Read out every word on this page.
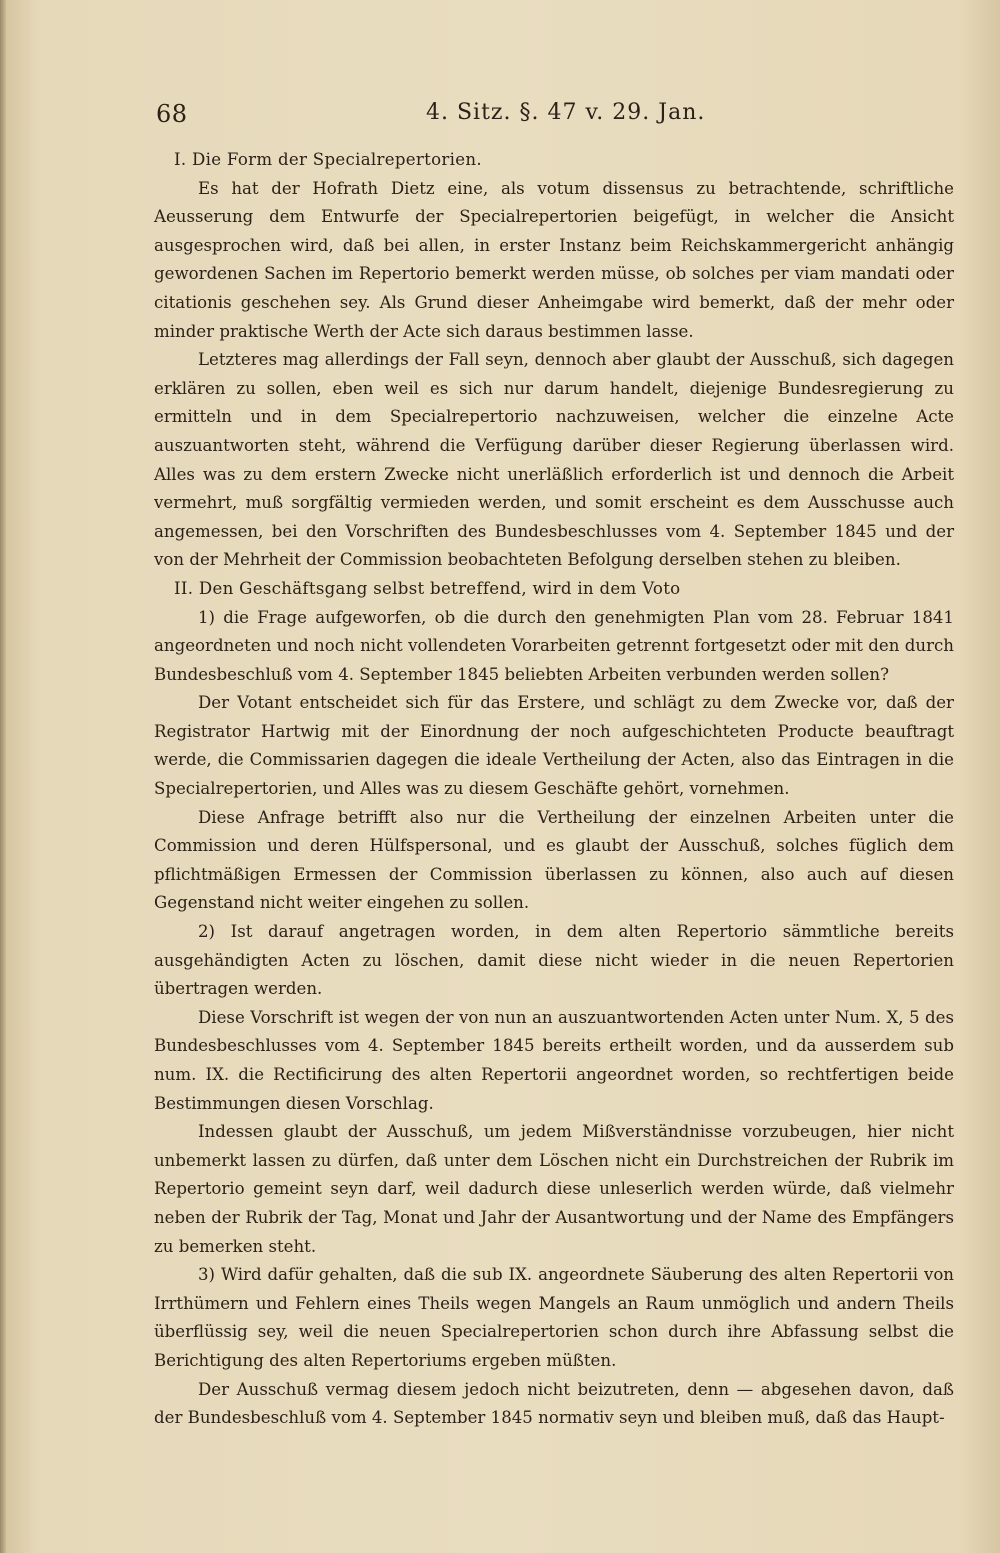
68	4. Sitz. §. 47 v. 29. Jan.

I. Die Form der Specialrepertorien.

Es hat der Hofrath Dietz eine, als votum dissensus zu betrachtende, schriftliche Aeusserung dem Entwurfe der Specialrepertorien beigefügt, in welcher die Ansicht ausgesprochen wird, daß bei allen, in erster Instanz beim Reichskammergericht anhängig gewordenen Sachen im Repertorio bemerkt werden müsse, ob solches per viam mandati oder citationis geschehen sey. Als Grund dieser Anheimgabe wird bemerkt, daß der mehr oder minder praktische Werth der Acte sich daraus bestimmen lasse.

Letzteres mag allerdings der Fall seyn, dennoch aber glaubt der Ausschuß, sich dagegen erklären zu sollen, eben weil es sich nur darum handelt, diejenige Bundesregierung zu ermitteln und in dem Specialrepertorio nachzuweisen, welcher die einzelne Acte auszuantworten steht, während die Verfügung darüber dieser Regierung überlassen wird. Alles was zu dem erstern Zwecke nicht unerläßlich erforderlich ist und dennoch die Arbeit vermehrt, muß sorgfältig vermieden werden, und somit erscheint es dem Ausschusse auch angemessen, bei den Vorschriften des Bundesbeschlusses vom 4. September 1845 und der von der Mehrheit der Commission beobachteten Befolgung derselben stehen zu bleiben.

II. Den Geschäftsgang selbst betreffend, wird in dem Voto

1) die Frage aufgeworfen, ob die durch den genehmigten Plan vom 28. Februar 1841 angeordneten und noch nicht vollendeten Vorarbeiten getrennt fortgesetzt oder mit den durch Bundesbeschluß vom 4. September 1845 beliebten Arbeiten verbunden werden sollen?

Der Votant entscheidet sich für das Erstere, und schlägt zu dem Zwecke vor, daß der Registrator Hartwig mit der Einordnung der noch aufgeschichteten Producte beauftragt werde, die Commissarien dagegen die ideale Vertheilung der Acten, also das Eintragen in die Specialrepertorien, und Alles was zu diesem Geschäfte gehört, vornehmen.

Diese Anfrage betrifft also nur die Vertheilung der einzelnen Arbeiten unter die Commission und deren Hülfspersonal, und es glaubt der Ausschuß, solches füglich dem pflichtmäßigen Ermessen der Commission überlassen zu können, also auch auf diesen Gegenstand nicht weiter eingehen zu sollen.

2) Ist darauf angetragen worden, in dem alten Repertorio sämmtliche bereits ausgehändigten Acten zu löschen, damit diese nicht wieder in die neuen Repertorien übertragen werden.

Diese Vorschrift ist wegen der von nun an auszuantwortenden Acten unter Num. X, 5 des Bundesbeschlusses vom 4. September 1845 bereits ertheilt worden, und da ausserdem sub num. IX. die Rectificirung des alten Repertorii angeordnet worden, so rechtfertigen beide Bestimmungen diesen Vorschlag.

Indessen glaubt der Ausschuß, um jedem Mißverständnisse vorzubeugen, hier nicht unbemerkt lassen zu dürfen, daß unter dem Löschen nicht ein Durchstreichen der Rubrik im Repertorio gemeint seyn darf, weil dadurch diese unleserlich werden würde, daß vielmehr neben der Rubrik der Tag, Monat und Jahr der Ausantwortung und der Name des Empfängers zu bemerken steht.

3) Wird dafür gehalten, daß die sub IX. angeordnete Säuberung des alten Repertorii von Irrthümern und Fehlern eines Theils wegen Mangels an Raum unmöglich und andern Theils überflüssig sey, weil die neuen Specialrepertorien schon durch ihre Abfassung selbst die Berichtigung des alten Repertoriums ergeben müßten.

Der Ausschuß vermag diesem jedoch nicht beizutreten, denn — abgesehen davon, daß der Bundesbeschluß vom 4. September 1845 normativ seyn und bleiben muß, daß das Haupt-
